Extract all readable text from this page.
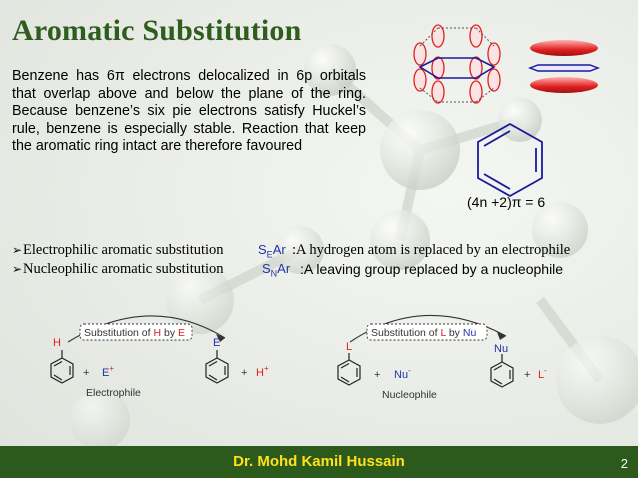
Aromatic Substitution

Benzene has 6π electrons delocalized in 6p orbitals that overlap above and below the plane of the ring. Because benzene’s six pie electrons satisfy Huckel’s rule, benzene is especially stable. Reaction that keep the aromatic ring intact are therefore favoured

(4n +2)π = 6
➢ Electrophilic aromatic substitution	$S_EAr$ :A hydrogen atom is replaced by an electrophile
➢ Nucleophilic aromatic substitution	$S_NAr$ :A leaving group replaced by a nucleophile
Substitution of H by E
H
+ E+
Electrophile
E
+ H+
Substitution of L by Nu
L
+ Nu-
Nucleophile
Nu
+ L-
Dr. Mohd Kamil Hussain	2
